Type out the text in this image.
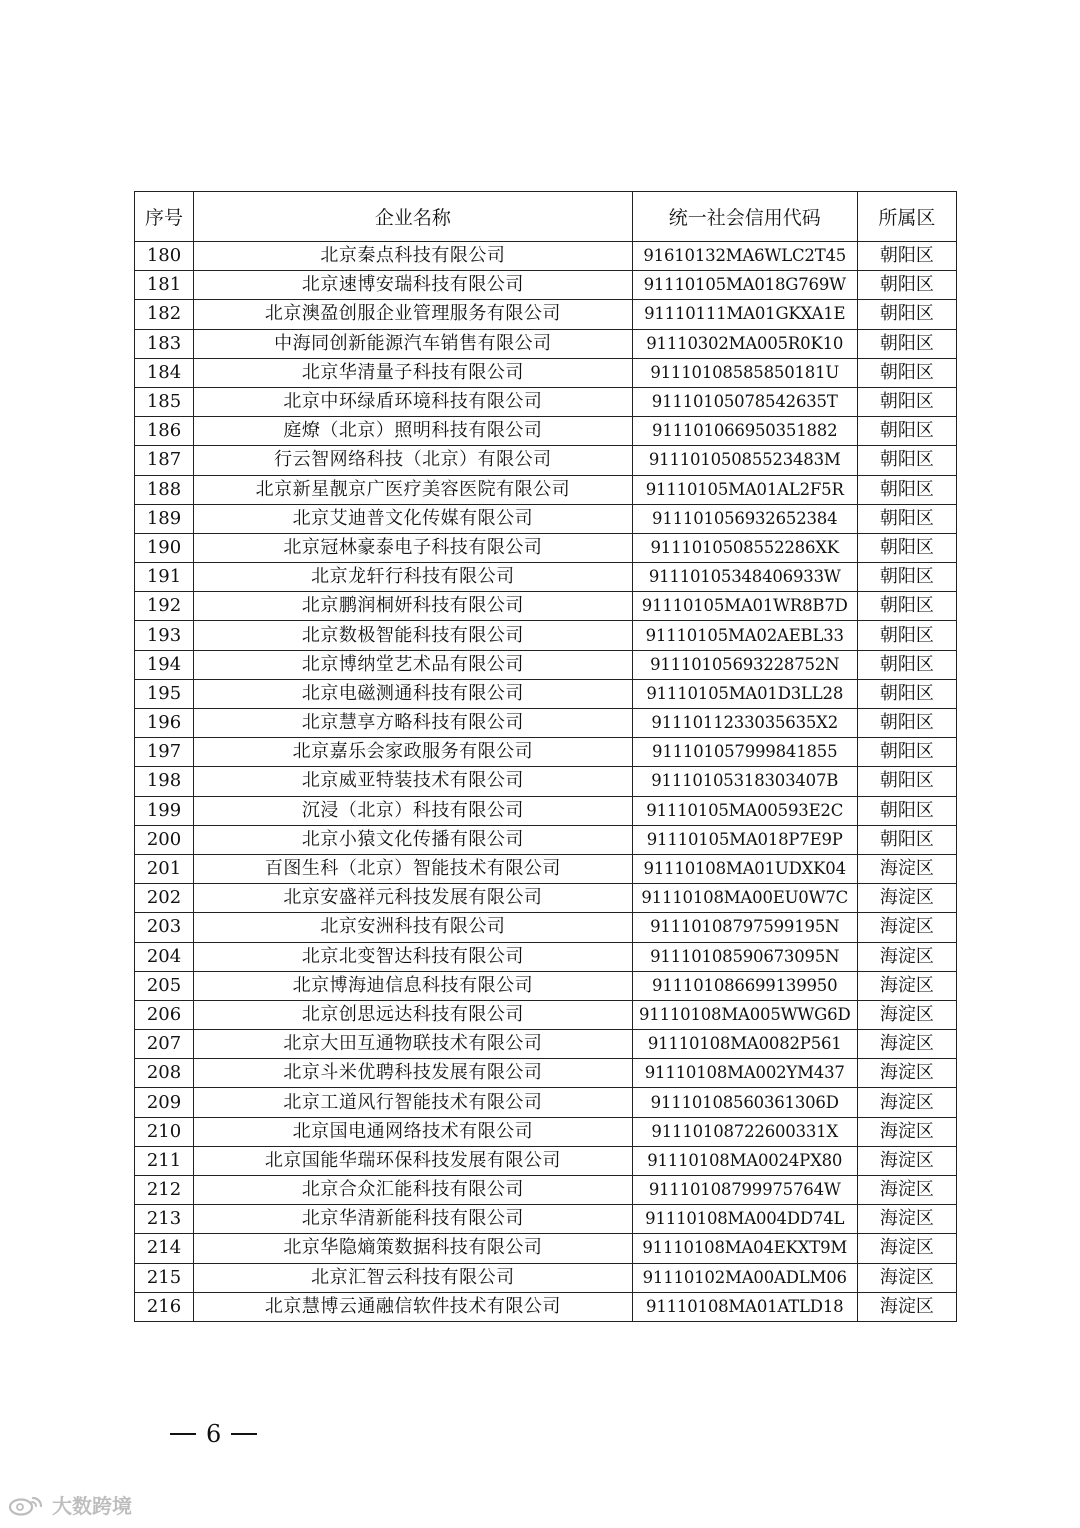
序号	企业名称	统一社会信用代码	所属区
180	北京秦点科技有限公司	91610132MA6WLC2T45	朝阳区
181	北京速博安瑞科技有限公司	91110105MA018G769W	朝阳区
182	北京澳盈创服企业管理服务有限公司	91110111MA01GKXA1E	朝阳区
183	中海同创新能源汽车销售有限公司	91110302MA005R0K10	朝阳区
184	北京华清量子科技有限公司	91110108585850181U	朝阳区
185	北京中环绿盾环境科技有限公司	91110105078542635T	朝阳区
186	庭燎（北京）照明科技有限公司	91110106695035188​2	朝阳区
187	行云智网络科技（北京）有限公司	91110105085523483M	朝阳区
188	北京新星靓京广医疗美容医院有限公司	91110105MA01AL2F5R	朝阳区
189	北京艾迪普文化传媒有限公司	911101056932652384	朝阳区
190	北京冠林豪泰电子科技有限公司	911101050855228​6XK	朝阳区
191	北京龙轩行科技有限公司	91110105348406933W	朝阳区
192	北京鹏润桐妍科技有限公司	91110105MA01WR8B7D	朝阳区
193	北京数极智能科技有限公司	91110105MA02AEBL33	朝阳区
194	北京博纳堂艺术品有限公司	91110105693228752N	朝阳区
195	北京电磁测通科技有限公司	91110105MA01D3LL28	朝阳区
196	北京慧享方略科技有限公司	911101123303563​5X2	朝阳区
197	北京嘉乐会家政服务有限公司	911101057999841855	朝阳区
198	北京威亚特装技术有限公司	91110105318303407B	朝阳区
199	沉浸（北京）科技有限公司	91110105MA00593E2C	朝阳区
200	北京小猿文化传播有限公司	91110105MA018P7E9P	朝阳区
201	百图生科（北京）智能技术有限公司	91110108MA01UDXK04	海淀区
202	北京安盛祥元科技发展有限公司	91110108MA00EU0W7C	海淀区
203	北京安洲科技有限公司	91110108797599195N	海淀区
204	北京北变智达科技有限公司	91110108590673095N	海淀区
205	北京博海迪信息科技有限公司	911101086699139950	海淀区
206	北京创思远达科技有限公司	91110108MA005WWG6D	海淀区
207	北京大田互通物联技术有限公司	91110108MA0082P561	海淀区
208	北京斗米优聘科技发展有限公司	91110108MA002YM437	海淀区
209	北京工道风行智能技术有限公司	91110108560361306D	海淀区
210	北京国电通网络技术有限公司	91110108722600331X	海淀区
211	北京国能华瑞环保科技发展有限公司	91110108MA0024PX80	海淀区
212	北京合众汇能科技有限公司	91110108799975764W	海淀区
213	北京华清新能科技有限公司	91110108MA004DD74L	海淀区
214	北京华隐熵策数据科技有限公司	91110108MA04EKXT9M	海淀区
215	北京汇智云科技有限公司	91110102MA00ADLM06	海淀区
216	北京慧博云通融信软件技术有限公司	91110108MA01ATLD18	海淀区
6
大数跨境
